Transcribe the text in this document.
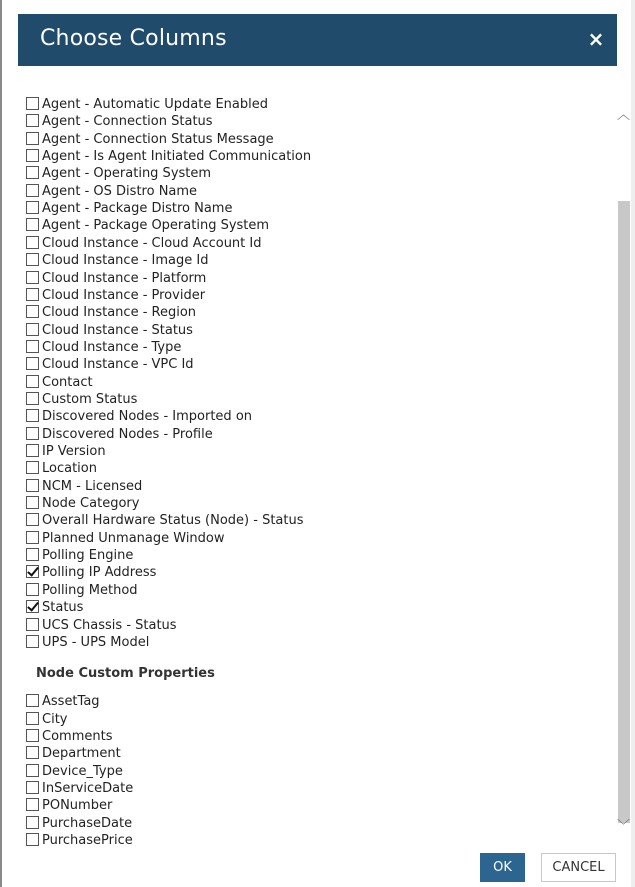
Choose Columns	×
Agent - Automatic Update Enabled
Agent - Connection Status
Agent - Connection Status Message
Agent - Is Agent Initiated Communication
Agent - Operating System
Agent - OS Distro Name
Agent - Package Distro Name
Agent - Package Operating System
Cloud Instance - Cloud Account Id
Cloud Instance - Image Id
Cloud Instance - Platform
Cloud Instance - Provider
Cloud Instance - Region
Cloud Instance - Status
Cloud Instance - Type
Cloud Instance - VPC Id
Contact
Custom Status
Discovered Nodes - Imported on
Discovered Nodes - Profile
IP Version
Location
NCM - Licensed
Node Category
Overall Hardware Status (Node) - Status
Planned Unmanage Window
Polling Engine
Polling IP Address
Polling Method
Status
UCS Chassis - Status
UPS - UPS Model
Node Custom Properties
AssetTag
City
Comments
Department
Device_Type
InServiceDate
PONumber
PurchaseDate
PurchasePrice
︿
﹀
OK	CANCEL
